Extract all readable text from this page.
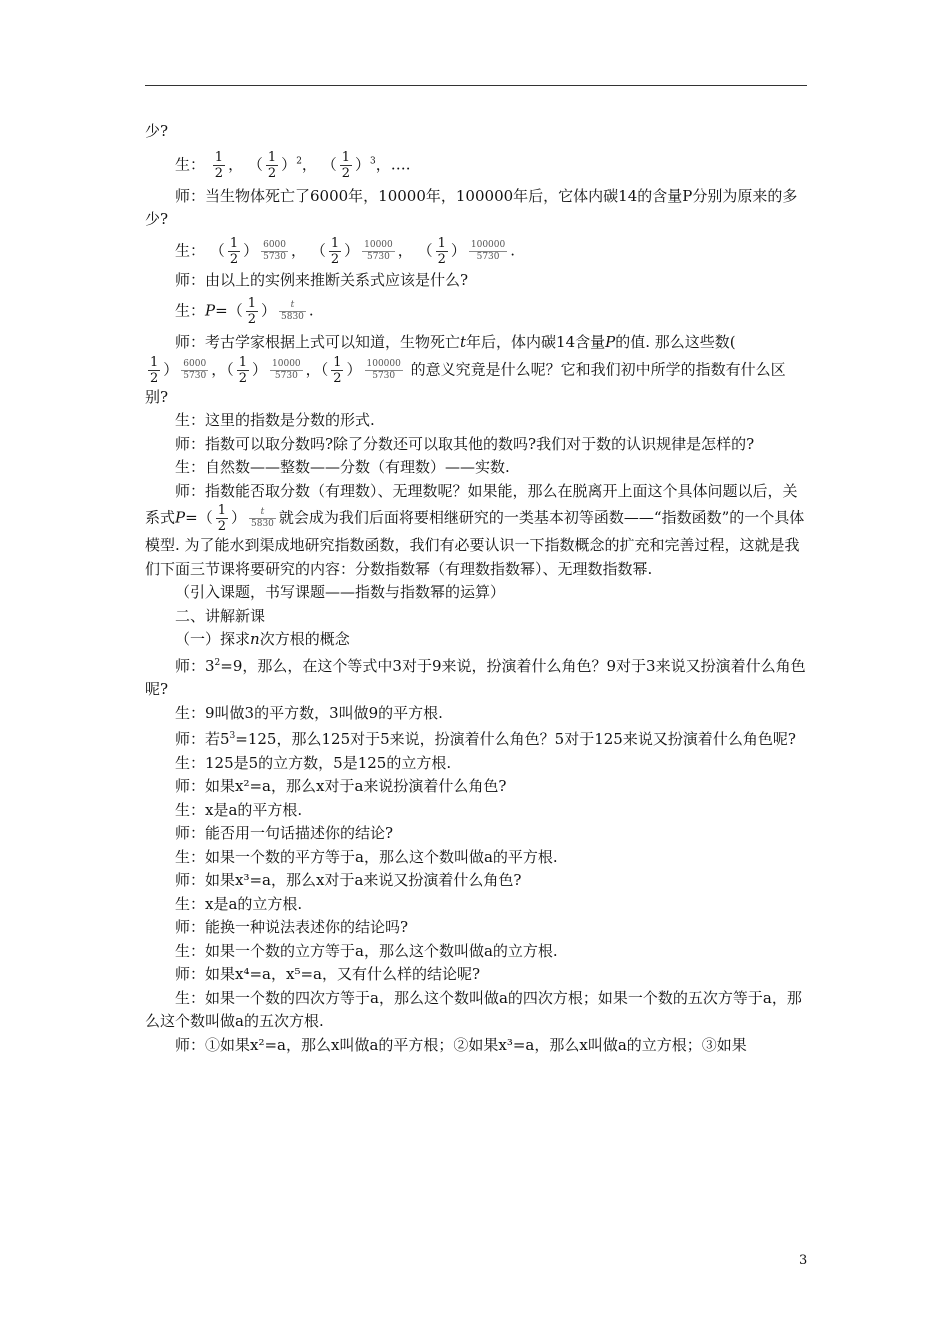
少?

生： $\frac{1}{2}$ ， （ $\frac{1}{2} )^2$， （ $\frac{1}{2} )^3$，….

师：当生物体死亡了6000年，10000年，100000年后，它体内碳14的含量P分别为原来的多少?

生： （ $\frac{1}{2}$ ） $\frac{6000}{5730}$ ， （ $\frac{1}{2}$ ） $\frac{10000}{5730}$ ， （ $\frac{1}{2}$ ） $\frac{100000}{5730}$ .

师：由以上的实例来推断关系式应该是什么?

生：$P=( \frac{1}{2}$ ） $\frac{t}{5830}$ .

师：考古学家根据上式可以知道，生物死亡t年后，体内碳14含量P的值. 那么这些数(

$\frac{1}{2}$ ） $\frac{6000}{5730}$ ，（ $\frac{1}{2}$ ） $\frac{10000}{5730}$ ，（ $\frac{1}{2}$ ） $\frac{100000}{5730}$ 的意义究竟是什么呢？它和我们初中所学的指数有什么区别?

生：这里的指数是分数的形式.

师：指数可以取分数吗?除了分数还可以取其他的数吗?我们对于数的认识规律是怎样的?

生：自然数——整数——分数（有理数）——实数.

师：指数能否取分数（有理数）、无理数呢？如果能，那么在脱离开上面这个具体问题以后，关系式$P=( \frac{1}{2}$ ） $\frac{t}{5830}$ 就会成为我们后面将要相继研究的一类基本初等函数——“指数函数”的一个具体模型. 为了能水到渠成地研究指数函数，我们有必要认识一下指数概念的扩充和完善过程，这就是我们下面三节课将要研究的内容：分数指数幂（有理数指数幂）、无理数指数幂.

（引入课题，书写课题——指数与指数幂的运算）

二、讲解新课

（一）探求n次方根的概念

师：$3^2=9$，那么，在这个等式中3对于9来说，扮演着什么角色？9对于3来说又扮演着什么角色呢?

生：9叫做3的平方数，3叫做9的平方根.

师：若$5^3=125$，那么125对于5来说，扮演着什么角色？5对于125来说又扮演着什么角色呢?

生：125是5的立方数，5是125的立方根.

师：如果x²=a，那么x对于a来说扮演着什么角色?

生：x是a的平方根.

师：能否用一句话描述你的结论?

生：如果一个数的平方等于a，那么这个数叫做a的平方根.

师：如果x³=a，那么x对于a来说又扮演着什么角色?

生：x是a的立方根.

师：能换一种说法表述你的结论吗?

生：如果一个数的立方等于a，那么这个数叫做a的立方根.

师：如果x⁴=a，x⁵=a，又有什么样的结论呢?

生：如果一个数的四次方等于a，那么这个数叫做a的四次方根；如果一个数的五次方等于a，那么这个数叫做a的五次方根.

师：①如果x²=a，那么x叫做a的平方根；②如果x³=a，那么x叫做a的立方根；③如果

3
